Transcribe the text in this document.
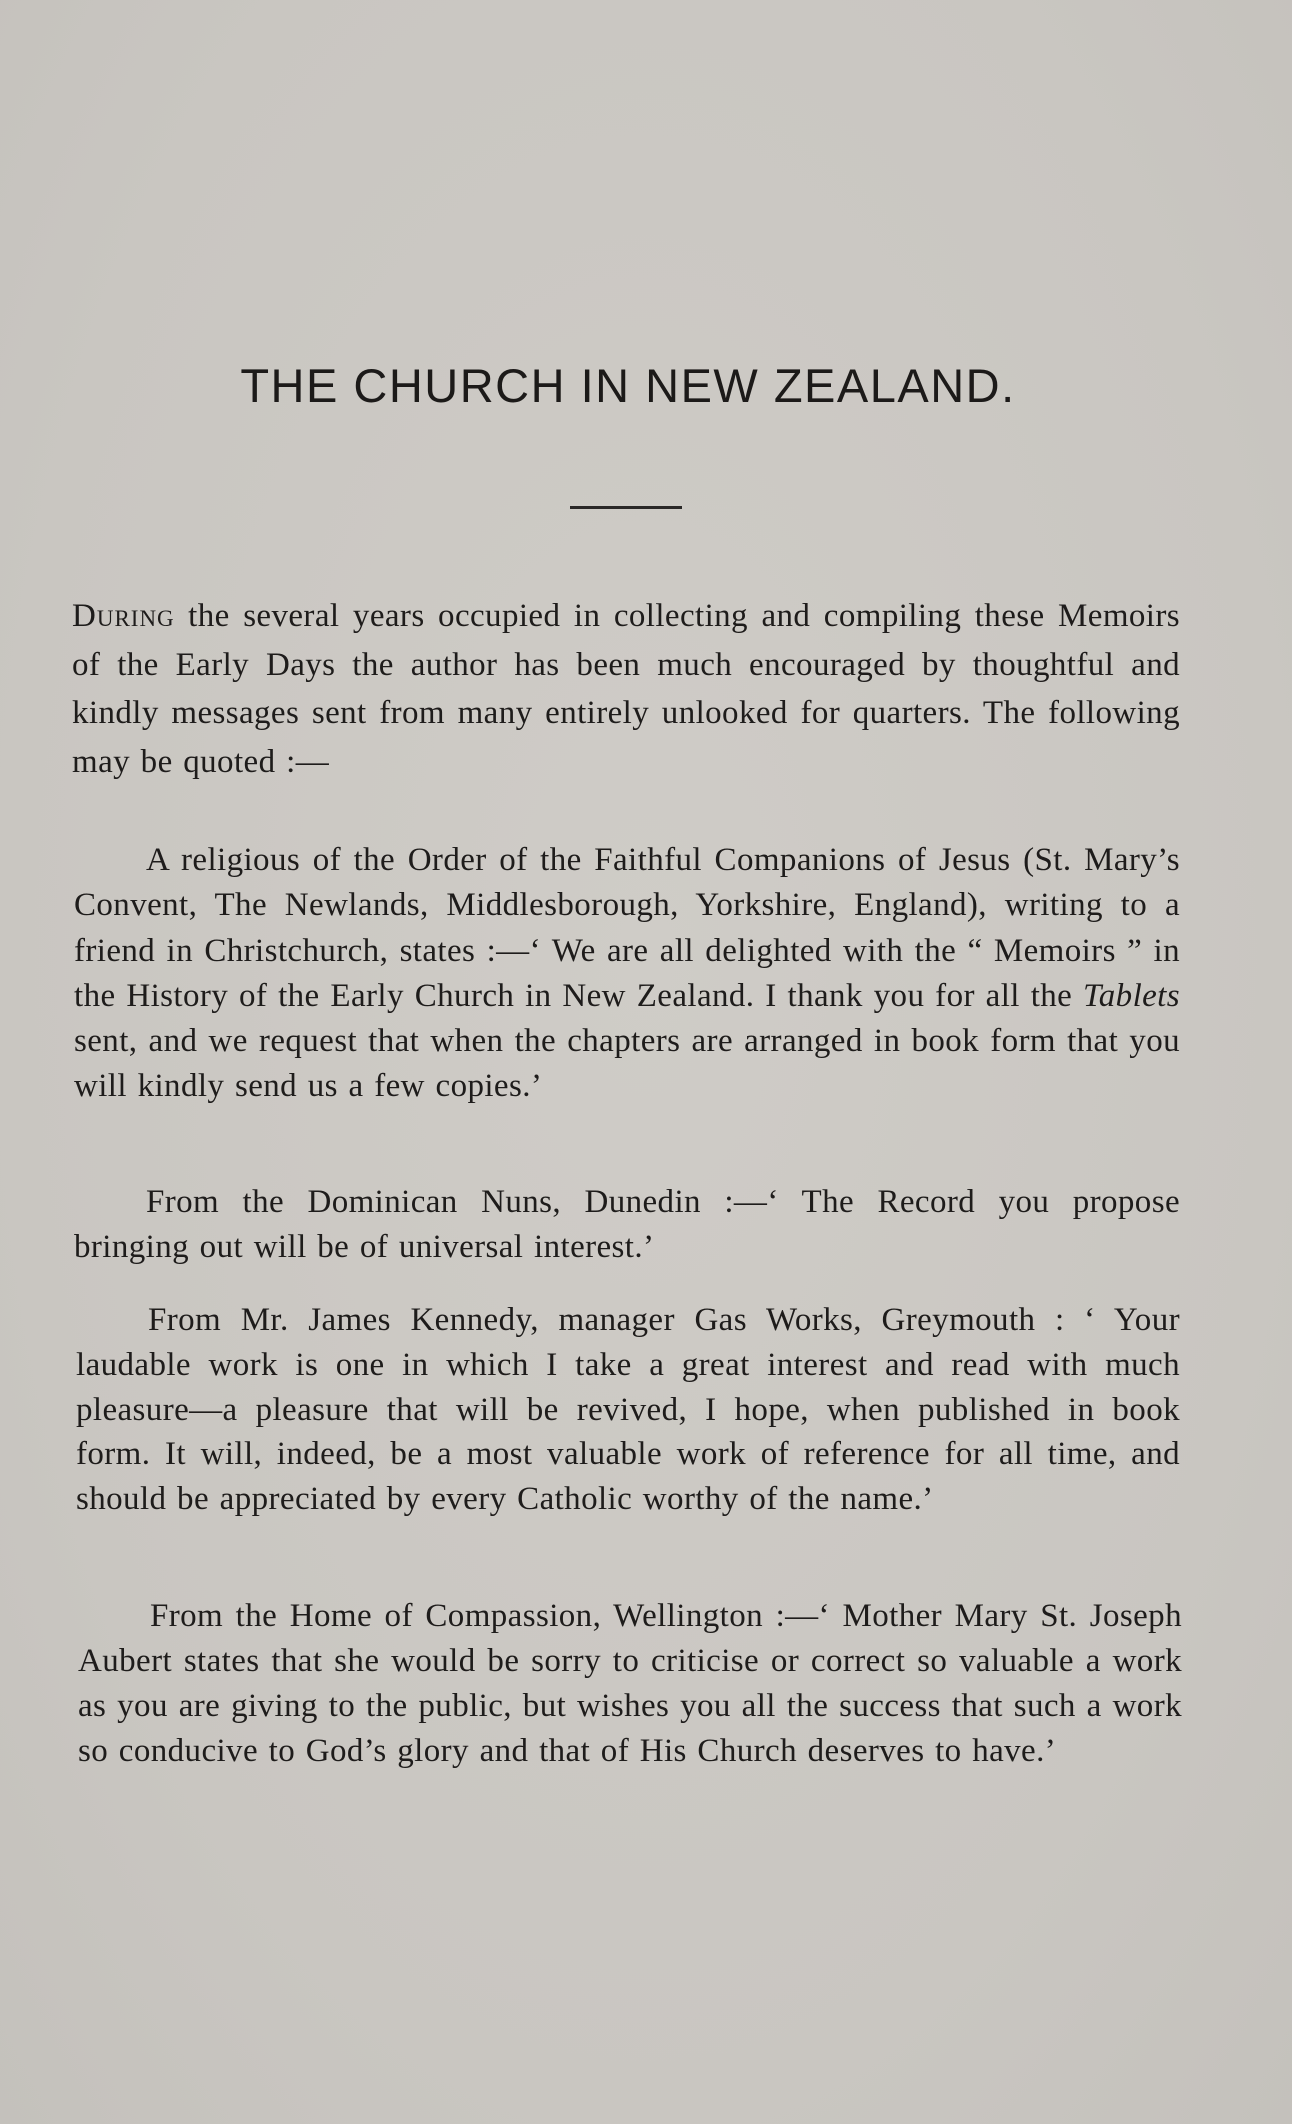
THE CHURCH IN NEW ZEALAND.

During the several years occupied in collecting and compiling these Memoirs of the Early Days the author has been much encouraged by thoughtful and kindly messages sent from many entirely unlooked for quarters. The following may be quoted :—

A religious of the Order of the Faithful Companions of Jesus (St. Mary’s Convent, The Newlands, Middlesborough, Yorkshire, England), writing to a friend in Christchurch, states :—‘ We are all delighted with the “ Memoirs ” in the History of the Early Church in New Zealand. I thank you for all the Tablets sent, and we request that when the chapters are arranged in book form that you will kindly send us a few copies.’

From the Dominican Nuns, Dunedin :—‘ The Record you propose bringing out will be of universal interest.’

From Mr. James Kennedy, manager Gas Works, Greymouth : ‘ Your laudable work is one in which I take a great interest and read with much pleasure—a pleasure that will be revived, I hope, when published in book form. It will, indeed, be a most valuable work of reference for all time, and should be appreciated by every Catholic worthy of the name.’

From the Home of Compassion, Wellington :—‘ Mother Mary St. Joseph Aubert states that she would be sorry to criticise or correct so valuable a work as you are giving to the public, but wishes you all the success that such a work so conducive to God’s glory and that of His Church deserves to have.’
